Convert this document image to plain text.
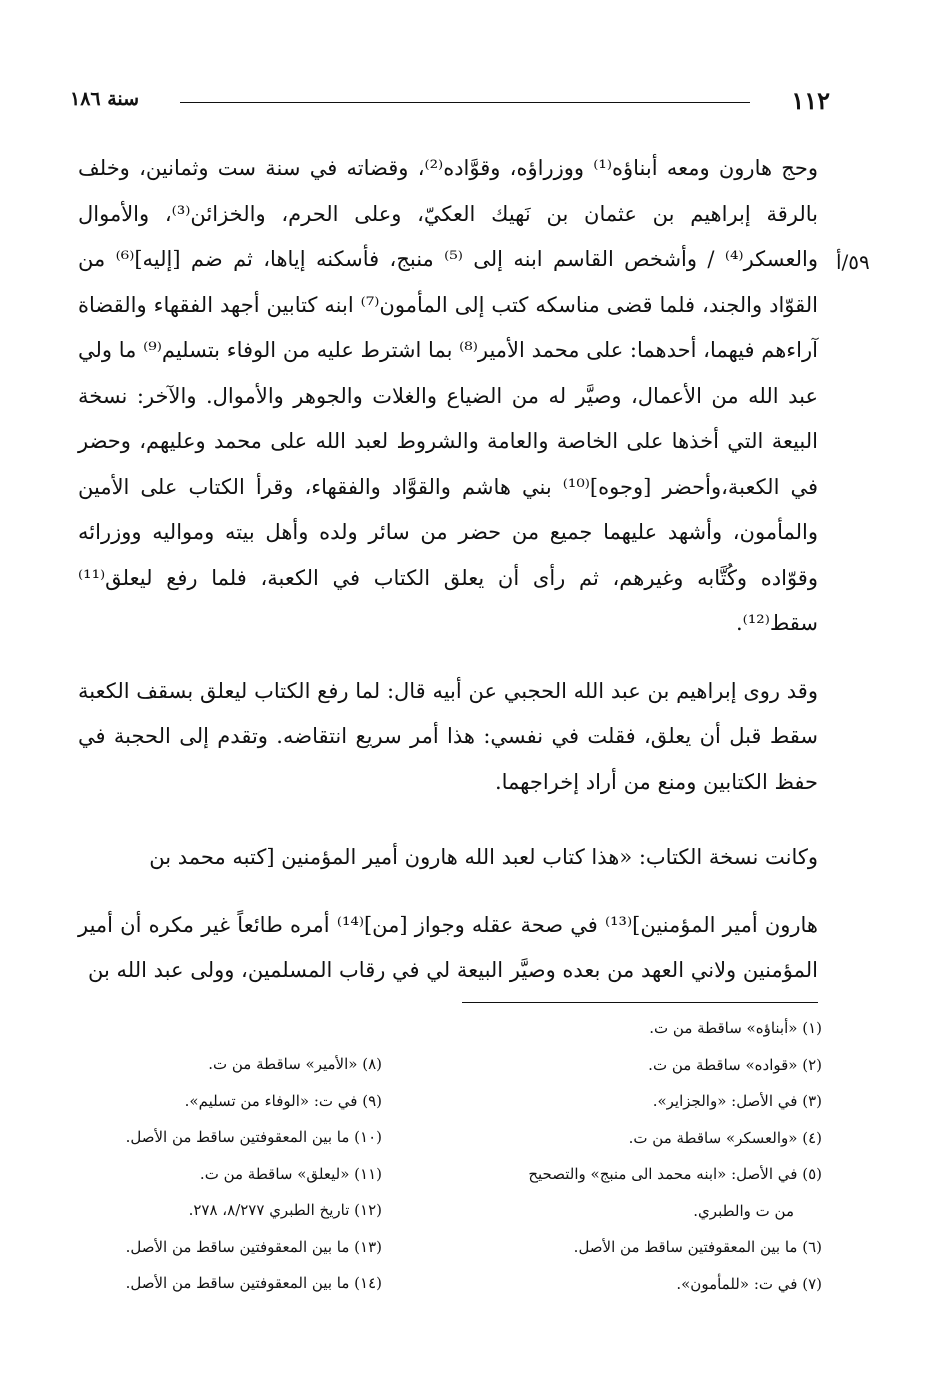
١١٢
سنة ١٨٦
٥٩/أ

وحج هارون ومعه أبناؤه⁽¹⁾ ووزراؤه، وقوَّاده⁽²⁾، وقضاته في سنة ست وثمانين، وخلف بالرقة إبراهيم بن عثمان بن نَهيك العكيّ، وعلى الحرم، والخزائن⁽³⁾، والأموال والعسكر⁽⁴⁾ / وأشخص القاسم ابنه إلى ⁽⁵⁾ منبج، فأسكنه إياها، ثم ضم [إليه]⁽⁶⁾ من القوّاد والجند، فلما قضى مناسكه كتب إلى المأمون⁽⁷⁾ ابنه كتابين أجهد الفقهاء والقضاة آراءهم فيهما، أحدهما: على محمد الأمير⁽⁸⁾ بما اشترط عليه من الوفاء بتسليم⁽⁹⁾ ما ولي عبد الله من الأعمال، وصيَّر له من الضياع والغلات والجوهر والأموال. والآخر: نسخة البيعة التي أخذها على الخاصة والعامة والشروط لعبد الله على محمد وعليهم، وحضر في الكعبة،وأحضر [وجوه]⁽¹⁰⁾ بني هاشم والقوَّاد والفقهاء، وقرأ الكتاب على الأمين والمأمون، وأشهد عليهما جميع من حضر من سائر ولده وأهل بيته ومواليه ووزرائه وقوّاده وكُتَّابه وغيرهم، ثم رأى أن يعلق الكتاب في الكعبة، فلما رفع ليعلق⁽¹¹⁾ سقط⁽¹²⁾.

وقد روى إبراهيم بن عبد الله الحجبي عن أبيه قال: لما رفع الكتاب ليعلق بسقف الكعبة سقط قبل أن يعلق، فقلت في نفسي: هذا أمر سريع انتقاضه. وتقدم إلى الحجبة في حفظ الكتابين ومنع من أراد إخراجهما.

وكانت نسخة الكتاب: «هذا كتاب لعبد الله هارون أمير المؤمنين [كتبه محمد بن

هارون أمير المؤمنين]⁽¹³⁾ في صحة عقله وجواز [من]⁽¹⁴⁾ أمره طائعاً غير مكره أن أمير المؤمنين ولاني العهد من بعده وصيَّر البيعة لي في رقاب المسلمين، وولى عبد الله بن

(١) «أبناؤه» ساقطة من ت.
(٢) «قواده» ساقطة من ت.
(٣) في الأصل: «والجزاير».
(٤) «والعسكر» ساقطة من ت.
(٥) في الأصل: «ابنه محمد الى منبج» والتصحيح
من ت والطبري.
(٦) ما بين المعقوفتين ساقط من الأصل.
(٧) في ت: «للمأمون».
(٨) «الأمير» ساقطة من ت.
(٩) في ت: «الوفاء من تسليم».
(١٠) ما بين المعقوفتين ساقط من الأصل.
(١١) «ليعلق» ساقطة من ت.
(١٢) تاريخ الطبري ٨/٢٧٧، ٢٧٨.
(١٣) ما بين المعقوفتين ساقط من الأصل.
(١٤) ما بين المعقوفتين ساقط من الأصل.
